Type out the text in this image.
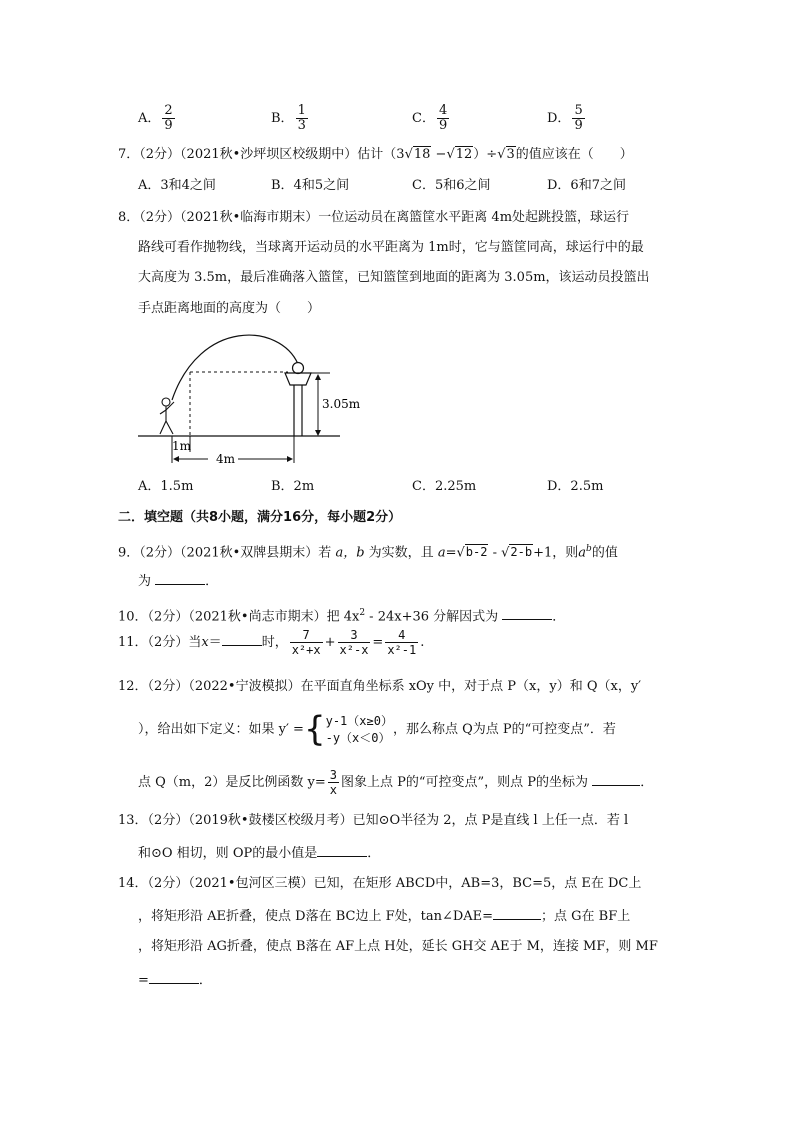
A． $\frac{2}{9}$	B． $\frac{1}{3}$	C． $\frac{4}{9}$	D． $\frac{5}{9}$
7．（2分）（2021秋•沙坪坝区校级期中）估计（3√18 −√12）÷√3的值应该在（　　）
A．3和4之间	B．4和5之间	C．5和6之间	D．6和7之间
8．（2分）（2021秋•临海市期末）一位运动员在离篮筐水平距离 4m处起跳投篮，球运行
路线可看作抛物线，当球离开运动员的水平距离为 1m时，它与篮筐同高，球运行中的最
大高度为 3.5m，最后准确落入篮筐，已知篮筐到地面的距离为 3.05m，该运动员投篮出
手点距离地面的高度为（　　）
3.05m
1m
4m
A．1.5m	B．2m	C．2.25m	D．2.5m
二．填空题（共8小题，满分16分，每小题2分）
9．（2分）（2021秋•双牌县期末）若 a，b 为实数，且 a=√b-2 - √2-b+1，则$a^b$的值
为	．
10．（2分）（2021秋•尚志市期末）把 $4x^2 - 24x+36$ 分解因式为	．
11．（2分）当x＝	时， $\frac{7}{\text{x²+x}} + \frac{3}{\text{x²-x}} = \frac{4}{\text{x²-1}}$ .
12．（2分）（2022•宁波模拟）在平面直角坐标系 xOy 中，对于点 P（x，y）和 Q（x，y′
），给出如下定义：如果 y′ ={ y-1（x≥0）
-y（x＜0）
，那么称点 Q为点 P的“可控变点”．若
点 Q（m，2）是反比例函数 $y= \frac{3}{x}$ 图象上点 P的“可控变点”，则点 P的坐标为	．
13．（2分）（2019秋•鼓楼区校级月考）已知⊙O半径为 2，点 P是直线 l 上任一点．若 l
和⊙O 相切，则 OP的最小值是	．
14．（2分）（2021•包河区三模）已知，在矩形 ABCD中，AB=3，BC=5，点 E在 DC上
，将矩形沿 AE折叠，使点 D落在 BC边上 F处，tan∠DAE=	；点 G在 BF上
，将矩形沿 AG折叠，使点 B落在 AF上点 H处，延长 GH交 AE于 M，连接 MF，则 MF
=	．
